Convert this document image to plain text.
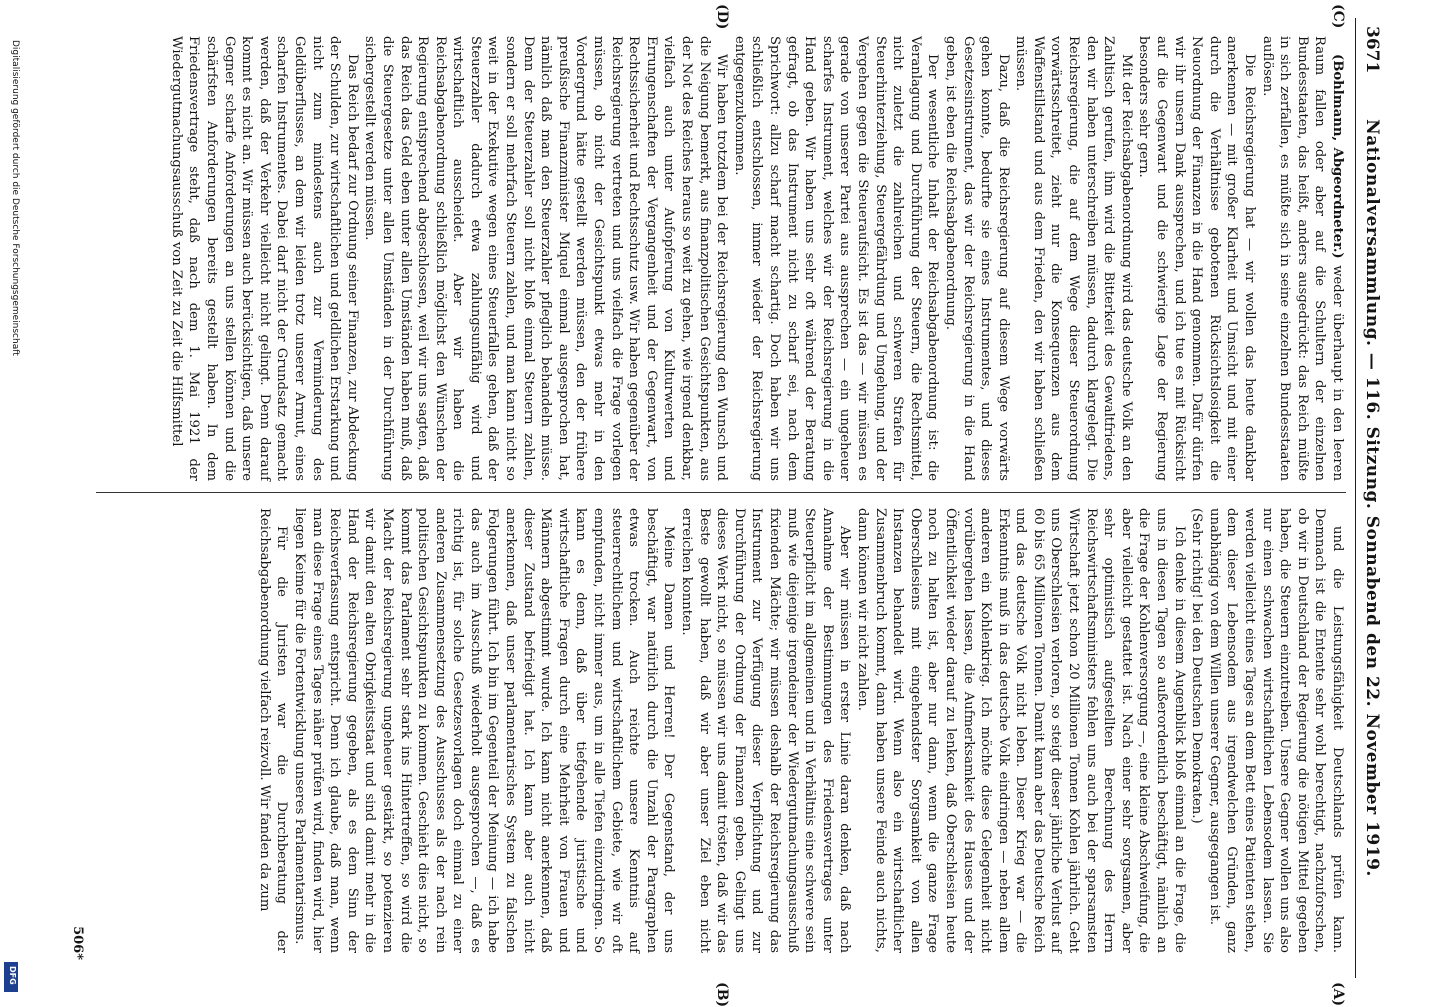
Digitalisierung gefördert durch die Deutsche Forschungsgemeinschaft
DFG
3671
Nationalversammlung. — 116. Sitzung. Sonnabend den 22. November 1919.
(A)
(B)
(C)
(D)

und die Leistungsfähigkeit Deutschlands prüfen kann. Demnach ist die Entente sehr wohl berechtigt, nachzuforschen, ob wir in Deutschland der Regierung die nötigen Mittel gegeben haben, die Steuern einzutreiben. Unsere Gegner wollen uns also nur einen schwachen wirtschaftlichen Lebensodem lassen. Sie werden vielleicht eines Tages an dem Bett eines Patienten stehen, dem dieser Lebensodem aus irgendwelchen Gründen, ganz unabhängig von dem Willen unserer Gegner, ausgegangen ist.

(Sehr richtig! bei den Deutschen Demokraten.)

Ich denke in diesem Augenblick bloß einmal an die Frage, die uns in diesen Tagen so außerordentlich beschäftigt, nämlich an die Frage der Kohlenversorgung —, eine kleine Abschweifung, die aber vielleicht gestattet ist. Nach einer sehr sorgsamen, aber sehr optimistisch aufgestellten Berechnung des Herrn Reichswirtschaftsministers fehlen uns auch bei der sparsamsten Wirtschaft jetzt schon 20 Millionen Tonnen Kohlen jährlich. Geht uns Oberschlesien verloren, so steigt dieser jährliche Verlust auf 60 bis 65 Millionen Tonnen. Damit kann aber das Deutsche Reich und das deutsche Volk nicht leben. Dieser Krieg war — die Erkenntnis muß in das deutsche Volk eindringen — neben allem anderen ein Kohlenkrieg. Ich möchte diese Gelegenheit nicht vorübergehen lassen, die Aufmerksamkeit des Hauses und der Öffentlichkeit wieder darauf zu lenken, daß Oberschlesien heute noch zu halten ist, aber nur dann, wenn die ganze Frage Oberschlesiens mit eingehendster Sorgsamkeit von allen Instanzen behandelt wird. Wenn also ein wirtschaftlicher Zusammenbruch kommt, dann haben unsere Feinde auch nichts, dann können wir nicht zahlen.

Aber wir müssen in erster Linie daran denken, daß nach Annahme der Bestimmungen des Friedensvertrages unter Steuerpflicht im allgemeinen und in Verhältnis eine schwere sein muß wie diejenige irgendeiner der Wiedergutmachungsausschuß fixienden Mächte; wir müssen deshalb der Reichsregierung das Instrument zur Verfügung dieser Verpflichtung und zur Durchführung der Ordnung der Finanzen geben. Gelingt uns dieses Werk nicht, so müssen wir uns damit trösten, daß wir das Beste gewollt haben, daß wir aber unser Ziel eben nicht erreichen konnten.

Meine Damen und Herren! Der Gegenstand, der uns beschäftigt, war natürlich durch die Unzahl der Paragraphen etwas trocken. Auch reichte unsere Kenntnis auf steuerrechtlichem und wirtschaftlichem Gebiete, wie wir oft empfunden, nicht immer aus, um in alle Tiefen einzudringen. So kann es denn, daß über tiefgehende juristische und wirtschaftliche Fragen durch eine Mehrheit von Frauen und Männern abgestimmt wurde. Ich kann nicht anerkennen, daß dieser Zustand befriedigt hat. Ich kann aber auch nicht anerkennen, daß unser parlamentarisches System zu falschen Folgerungen führt. Ich bin im Gegenteil der Meinung — ich habe das auch im Ausschuß wiederholt ausgesprochen —, daß es richtig ist, für solche Gesetzesvorlagen doch einmal zu einer anderen Zusammensetzung des Ausschusses als der nach rein politischen Gesichtspunkten zu kommen. Geschieht dies nicht, so kommt das Parlament sehr stark ins Hintertreffen, so wird die Macht der Reichsregierung ungeheuer gestärkt, so potenzieren wir damit den alten Obrigkeitsstaat und sind damit mehr in die Hand der Reichsregierung gegeben, als es dem Sinn der Reichsverfassung entspricht. Denn ich glaube, daß man, wenn man diese Frage eines Tages näher prüfen wird, finden wird, hier liegen Keime für die Fortentwicklung unseres Parlamentarismus.

Für die Juristen war die Durchberatung der Reichsabgabenordnung vielfach reizvoll. Wir fanden da zum

(Bohlmann, Abgeordneter.) weder überhaupt in den leeren Raum fallen oder aber auf die Schultern der einzelnen Bundesstaaten, das heißt, anders ausgedrückt: das Reich müßte in sich zerfallen, es müßte sich in seine einzelnen Bundesstaaten auflösen.

Die Reichsregierung hat — wir wollen das heute dankbar anerkennen — mit großer Klarheit und Umsicht und mit einer durch die Verhältnisse gebotenen Rücksichtslosigkeit die Neuordnung der Finanzen in die Hand genommen. Dafür dürfen wir ihr unsern Dank aussprechen, und ich tue es mit Rücksicht auf die Gegenwart und die schwierige Lage der Regierung besonders sehr gern.

Mit der Reichsabgabenordnung wird das deutsche Volk an den Zahltisch gerufen, ihm wird die Bitterkeit des Gewaltfriedens, den wir haben unterschreiben müssen, dadurch klargelegt. Die Reichsregierung, die auf dem Wege dieser Steuerordnung vorwärtsschreitet, zieht nur die Konsequenzen aus dem Waffenstillstand und aus dem Frieden, den wir haben schließen müssen.

Dazu, daß die Reichsregierung auf diesem Wege vorwärts gehen konnte, bedurfte sie eines Instrumentes, und dieses Gesetzesinstrument, das wir der Reichsregierung in die Hand geben, ist eben die Reichsabgabenordnung.

Der wesentliche Inhalt der Reichsabgabenordnung ist: die Veranlagung und Durchführung der Steuern, die Rechtsmittel, nicht zuletzt die zahlreichen und schweren Strafen für Steuerhinterziehung, Steuergefährdung und Umgehung, und der Vergehen gegen die Steueraufsicht. Es ist das — wir müssen es gerade von unserer Partei aus aussprechen — ein ungeheuer scharfes Instrument, welches wir der Reichsregierung in die Hand geben. Wir haben uns sehr oft während der Beratung gefragt, ob das Instrument nicht zu scharf sei, nach dem Sprichwort: allzu scharf macht schartig. Doch haben wir uns schließlich entschlossen, immer wieder der Reichsregierung entgegenzukommen.

Wir haben trotzdem bei der Reichsregierung den Wunsch und die Neigung bemerkt, aus finanzpolitischen Gesichtspunkten, aus der Not des Reiches heraus so weit zu gehen, wie irgend denkbar, vielfach auch unter Aufopferung von Kulturwerten und Errungenschaften der Vergangenheit und der Gegenwart, von Rechtssicherheit und Rechtsschutz usw. Wir haben gegenüber der Reichsregierung vertreten und uns vielfach die Frage vorlegen müssen, ob nicht der Gesichtspunkt etwas mehr in den Vordergrund hätte gestellt werden müssen, den der frühere preußische Finanzminister Miquel einmal ausgesprochen hat, nämlich daß man den Steuerzahler pfleglich behandeln müsse. Denn der Steuerzahler soll nicht bloß einmal Steuern zahlen, sondern er soll mehrfach Steuern zahlen, und man kann nicht so weit in der Exekutive wegen eines Steuerfalles gehen, daß der Steuerzahler dadurch etwa zahlungsunfähig wird und wirtschaftlich ausscheidet. Aber wir haben die Reichsabgabenordnung schließlich möglichst den Wünschen der Regierung entsprechend abgeschlossen, weil wir uns sagten, daß das Reich das Geld eben unter allen Umständen haben muß, daß die Steuergesetze unter allen Umständen in der Durchführung sichergestellt werden müssen.

Das Reich bedarf zur Ordnung seiner Finanzen, zur Abdeckung der Schulden, zur wirtschaftlichen und geldlichen Erstarkung und nicht zum mindestens auch zur Verminderung des Geldüberflusses, an dem wir leiden trotz unserer Armut, eines scharfen Instrumentes. Dabei darf nicht der Grundsatz gemacht werden, daß der Verkehr vielleicht nicht gelingt. Denn darauf kommt es nicht an. Wir müssen auch berücksichtigen, daß unsere Gegner scharfe Anforderungen an uns stellen können und die schärfsten Anforderungen bereits gestellt haben. In dem Friedensvertrage steht, daß nach dem 1. Mai 1921 der Wiedergutmachungsausschuß von Zeit zu Zeit die Hilfsmittel

506*
